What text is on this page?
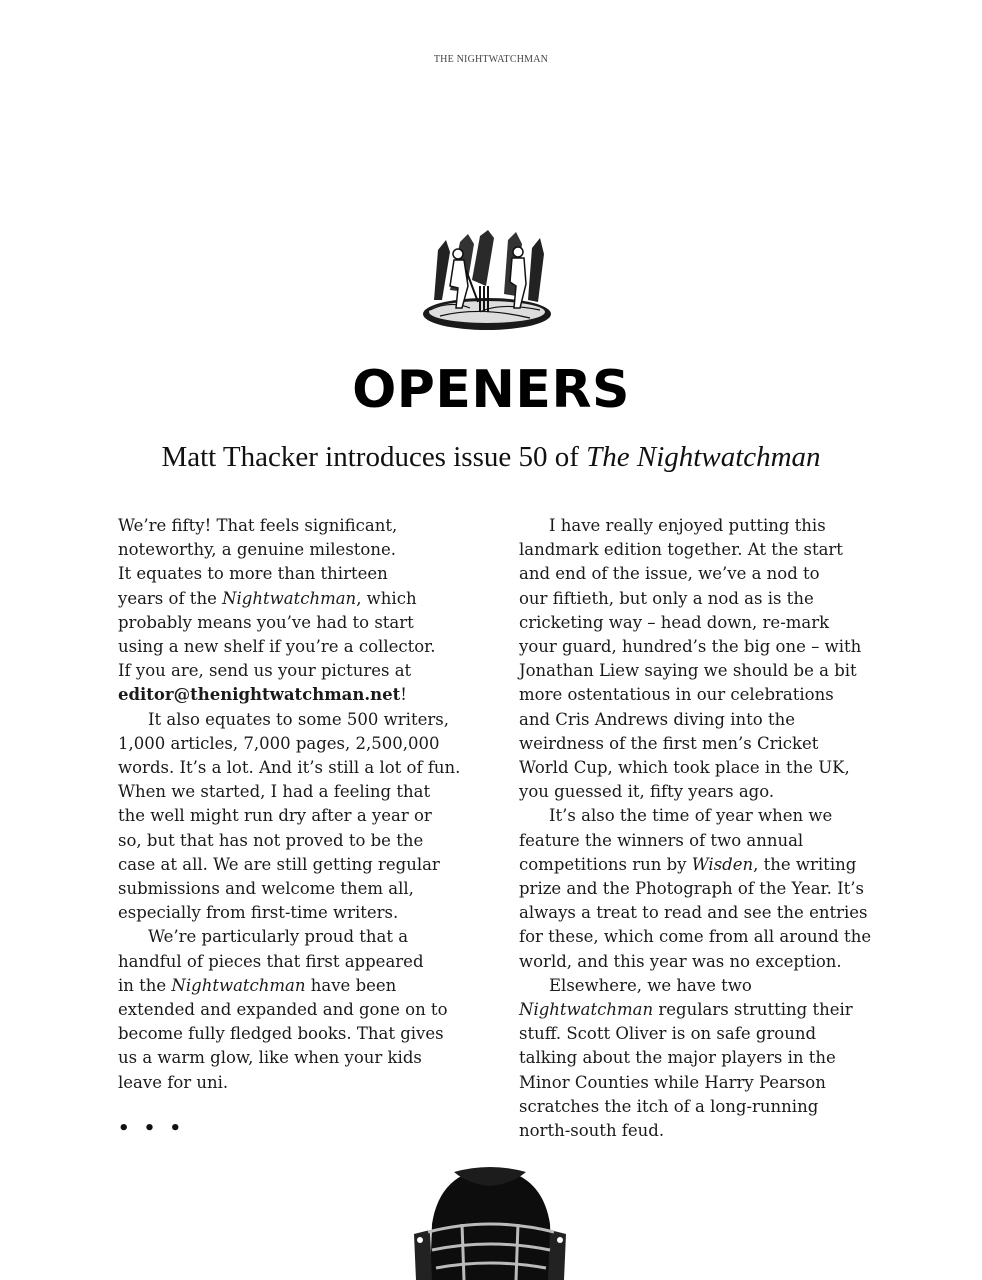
THE NIGHTWATCHMAN
OPENERS
Matt Thacker introduces issue 50 of The Nightwatchman
We’re fifty! That feels significant,
noteworthy, a genuine milestone.
It equates to more than thirteen
years of the Nightwatchman, which
probably means you’ve had to start
using a new shelf if you’re a collector.
If you are, send us your pictures at
editor@thenightwatchman.net!
It also equates to some 500 writers,
1,000 articles, 7,000 pages, 2,500,000
words. It’s a lot. And it’s still a lot of fun.
When we started, I had a feeling that
the well might run dry after a year or
so, but that has not proved to be the
case at all. We are still getting regular
submissions and welcome them all,
especially from first-time writers.
We’re particularly proud that a
handful of pieces that first appeared
in the Nightwatchman have been
extended and expanded and gone on to
become fully fledged books. That gives
us a warm glow, like when your kids
leave for uni.
• • •
I have really enjoyed putting this
landmark edition together. At the start
and end of the issue, we’ve a nod to
our fiftieth, but only a nod as is the
cricketing way – head down, re-mark
your guard, hundred’s the big one – with
Jonathan Liew saying we should be a bit
more ostentatious in our celebrations
and Cris Andrews diving into the
weirdness of the first men’s Cricket
World Cup, which took place in the UK,
you guessed it, fifty years ago.
It’s also the time of year when we
feature the winners of two annual
competitions run by Wisden, the writing
prize and the Photograph of the Year. It’s
always a treat to read and see the entries
for these, which come from all around the
world, and this year was no exception.
Elsewhere, we have two
Nightwatchman regulars strutting their
stuff. Scott Oliver is on safe ground
talking about the major players in the
Minor Counties while Harry Pearson
scratches the itch of a long-running
north-south feud.
